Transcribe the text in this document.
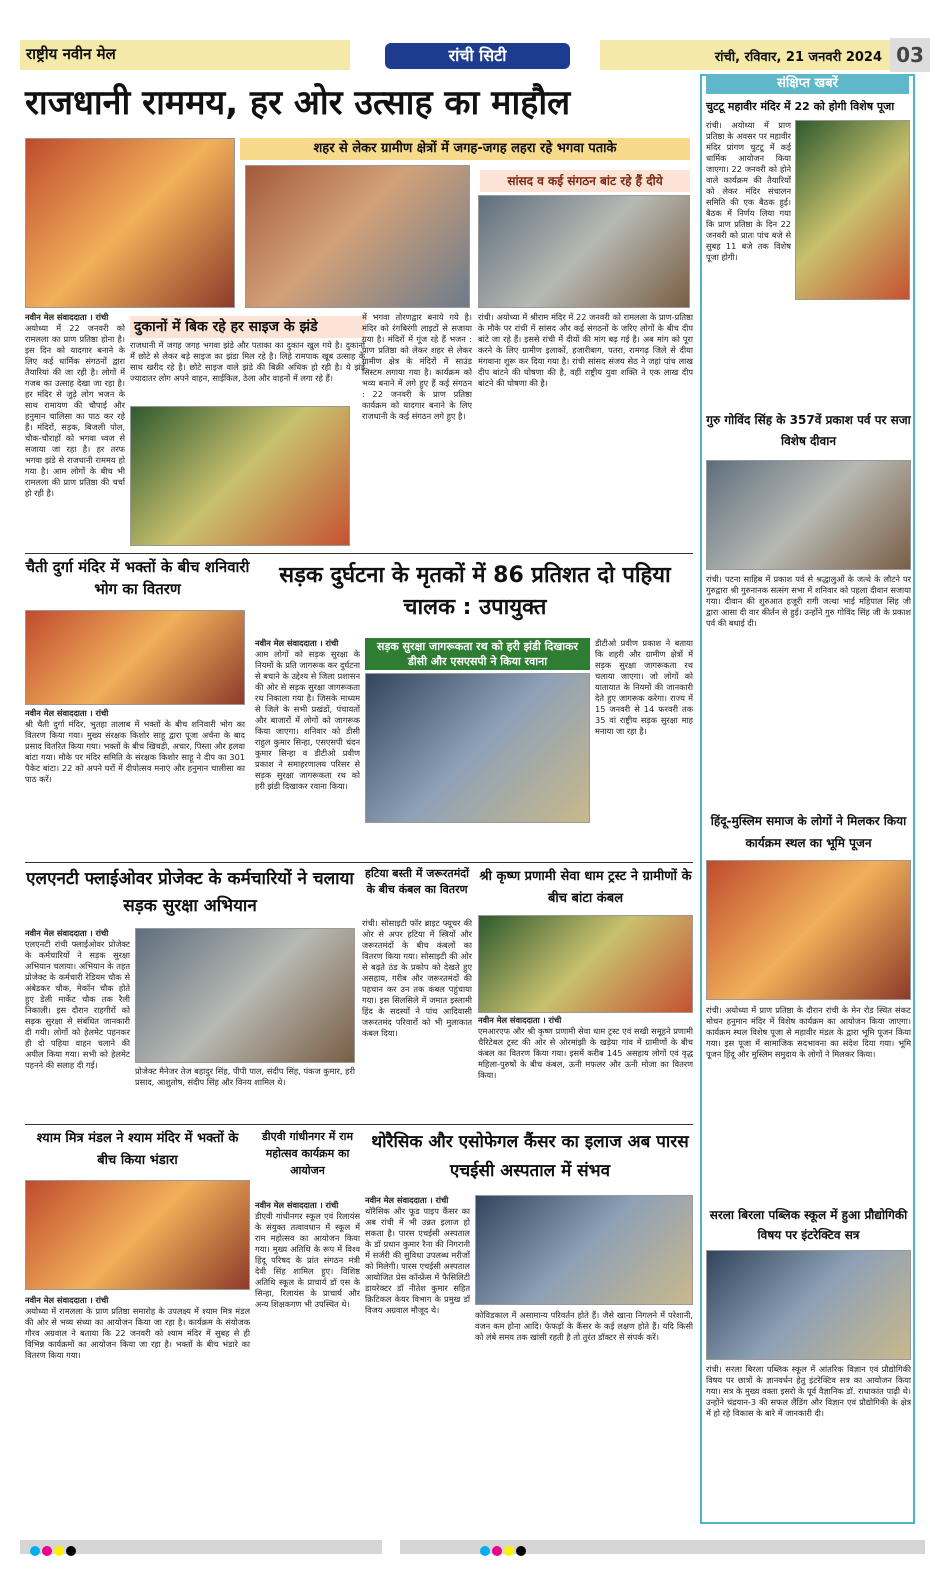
राष्ट्रीय नवीन मेल	रांची सिटी	रांची, रविवार, 21 जनवरी 2024 03
राजधानी राममय, हर ओर उत्साह का माहौल
शहर से लेकर ग्रामीण क्षेत्रों में जगह-जगह लहरा रहे भगवा पताके
सांसद व कई संगठन बांट रहे हैं दीये
नवीन मेल संवाददाता । रांची
अयोध्या में 22 जनवरी को रामलला का प्राण प्रतिष्ठा होना है। इस दिन को यादगार बनाने के लिए कई धार्मिक संगठनों द्वारा तैयारियां की जा रही है। लोगों में गजब का उत्साह देखा जा रहा है। हर मंदिर से जुड़े लोग भजन के साथ रामायण की चौपाई और हनुमान चालिसा का पाठ कर रहे हैं। मंदिरों, सड़क, बिजली पोल, चौक-चौराहों को भगवा ध्वज से सजाया जा रहा है। हर तरफ भगवा झंडे से राजधानी राममय हो गया है। आम लोगों के बीच भी रामलला की प्राण प्रतिष्ठा की चर्चा हो रही है।
दुकानों में बिक रहे हर साइज के झंडे
राजधानी में जगह जगह भगवा झंडे और पताका का दुकान खुल गये है। दुकानों में छोटे से लेकर बड़े साइज का झंडा मिल रहे है। लिहे रामपाक खूब उत्साह के साथ खरीद रहे है। छोटे साइज वाले झंडे की बिक्री अधिक हो रही है। ये झंडे ज्यादातर लोग अपने वाहन, साईकिल, ठेला और वाहनों में लगा रहे हैं।
में भगवा तोरणद्वार बनाये गये है। मंदिर को रंगबिरंगी लाइटों से सजाया गया है। मंदिरों में गूंज रहे हैं भजन : प्राण प्रतिष्ठा को लेकर शहर से लेकर ग्रामीण क्षेत्र के मंदिरों में साउंड सिस्टम लगाया गया है। कार्यक्रम को भव्य बनाने में लगे हुए हैं कई संगठन : 22 जनवरी के प्राण प्रतिष्ठा कार्यक्रम को यादगार बनाने के लिए राजधानी के कई संगठन लगे हुए है।
रांची। अयोध्या में श्रीराम मंदिर में 22 जनवरी को रामलला के प्राण-प्रतिष्ठा के मौके पर रांची में सांसद और कई संगठनों के जरिए लोगों के बीच दीप बांटे जा रहे हैं। इससे रांची में दीयों की मांग बढ़ गई है। अब मांग को पूरा करने के लिए ग्रामीण इलाकों, हजारीबाग, पतरा, रामगढ़ जिले से दीया मंगवाना शुरू कर दिया गया है। रांची सांसद संजय सेठ ने जहां पांच लाख दीप बांटने की घोषणा की है, वहीं राष्ट्रीय युवा शक्ति ने एक लाख दीप बांटने की घोषणा की है।
चैती दुर्गा मंदिर में भक्तों के बीच शनिवारी भोग का वितरण
नवीन मेल संवाददाता । रांची
श्री चैती दुर्गा मंदिर, भुतहा तालाब में भक्तों के बीच शनिवारी भोग का वितरण किया गया। मुख्य संरक्षक किशोर साहू द्वारा पूजा अर्चना के बाद प्रसाद वितरित किया गया। भक्तों के बीच खिचड़ी, अचार, पिस्ता और हलवा बांटा गया। मौके पर मंदिर समिति के संरक्षक किशोर साहू ने दीप का 301 पैकेट बांटा। 22 को अपने घरों में दीपोत्सव मनाएं और हनुमान चालीसा का पाठ करें।
सड़क दुर्घटना के मृतकों में 86 प्रतिशत दो पहिया चालक : उपायुक्त
नवीन मेल संवाददाता । रांची
आम लोगों को सड़क सुरक्षा के नियमों के प्रति जागरूक कर दुर्घटना से बचाने के उद्देश्य से जिला प्रशासन की ओर से सड़क सुरक्षा जागरूकता रथ निकाला गया है। जिसके माध्यम से जिले के सभी प्रखंडों, पंचायतों और बाजारों में लोगों को जागरूक किया जाएगा। शनिवार को डीसी राहुल कुमार सिन्हा, एसएसपी चंदन कुमार सिन्हा व डीटीओ प्रवीण प्रकाश ने समाहरणालय परिसर से सड़क सुरक्षा जागरूकता रथ को हरी झंडी दिखाकर रवाना किया।
सड़क सुरक्षा जागरूकता रथ को हरी झंडी दिखाकर डीसी और एसएसपी ने किया रवाना
डीटीओ प्रवीण प्रकाश ने बताया कि शहरी और ग्रामीण क्षेत्रों में सड़क सुरक्षा जागरूकता रथ चलाया जाएगा। जो लोगों को यातायात के नियमों की जानकारी देते हुए जागरूक करेगा। राज्य में 15 जनवरी से 14 फरवरी तक 35 वां राष्ट्रीय सड़क सुरक्षा माह मनाया जा रहा है।
एलएनटी फ्लाईओवर प्रोजेक्ट के कर्मचारियों ने चलाया सड़क सुरक्षा अभियान
नवीन मेल संवाददाता । रांची
एलएनटी रांची फ्लाईओवर प्रोजेक्ट के कर्मचारियों ने सड़क सुरक्षा अभियान चलाया। अभियान के तहत प्रोजेक्ट के कर्मचारी रेडियम चौक से अंबेडकर चौक, मेकॉन चौक होते हुए डेली मार्केट चौक तक रैली निकाली। इस दौरान राहगीरों को सड़क सुरक्षा से संबंधित जानकारी दी गयी। लोगों को हेलमेट पहनकर ही दो पहिया वाहन चलाने की अपील किया गया। सभी को हेलमेट पहनने की सलाह दी गई।
प्रोजेक्ट मैनेजर तेज बहादुर सिंह, पीपी पाल, संदीप सिंह, पंकज कुमार, हरी प्रसाद, आशुतोष, संदीप सिंह और विनय शामिल थे।
हटिया बस्ती में जरूरतमंदों के बीच कंबल का वितरण
रांची। सोसाइटी फॉर ब्राइट फ्यूचर की ओर से अपर हटिया में स्त्रियों और जरूरतमंदों के बीच कंबलों का वितरण किया गया। सोसाइटी की ओर से बढ़ते ठंड के प्रकोप को देखते हुए असहाय, गरीब और जरूरतमंदों की पहचान कर उन तक कंबल पहुंचाया गया। इस सिलसिले में जमात इस्लामी हिंद के सदस्यों ने पांच आदिवासी जरूरतमंद परिवारों को भी मुलाकात कंबल दिया।
श्री कृष्ण प्रणामी सेवा धाम ट्रस्ट ने ग्रामीणों के बीच बांटा कंबल
नवीन मेल संवाददाता । रांची
एमआरएफ और श्री कृष्ण प्रणामी सेवा धाम ट्रस्ट एवं सखी समूहने प्रणामी चैरिटेबल ट्रस्ट की ओर से ओरमांझी के खड़ेया गांव में ग्रामीणों के बीच कंबल का वितरण किया गया। इसमें करीब 145 असहाय लोगों एवं वृद्ध महिला-पुरुषों के बीच कंबल, ऊनी मफलर और ऊनी मोजा का वितरण किया।
श्याम मित्र मंडल ने श्याम मंदिर में भक्तों के बीच किया भंडारा
नवीन मेल संवाददाता । रांची
अयोध्या में रामलला के प्राण प्रतिष्ठा समारोह के उपलक्ष्य में श्याम मित्र मंडल की ओर से भव्य संध्या का आयोजन किया जा रहा है। कार्यक्रम के संयोजक गौरव अग्रवाल ने बताया कि 22 जनवरी को श्याम मंदिर में सुबह से ही विभिन्न कार्यक्रमों का आयोजन किया जा रहा है। भक्तों के बीच भंडारे का वितरण किया गया।
डीएवी गांधीनगर में राम महोत्सव कार्यक्रम का आयोजन
नवीन मेल संवाददाता । रांची
डीएवी गांधीनगर स्कूल एवं रिलायंस के संयुक्त तत्वावधान में स्कूल में राम महोत्सव का आयोजन किया गया। मुख्य अतिथि के रूप में विश्व हिंदू परिषद के प्रांत संगठन मंत्री देवी सिंह शामिल हुए। विशिष्ठ अतिथि स्कूल के प्राचार्य डॉ एस के सिन्हा, रिलायंस के प्राचार्य और अन्य शिक्षकगण भी उपस्थित थे।
थोरैसिक और एसोफेगल कैंसर का इलाज अब पारस एचईसी अस्पताल में संभव
नवीन मेल संवाददाता । रांची
थोरैसिक और फूड पाइप कैंसर का अब रांची में भी उन्नत इलाज हो सकता है। पारस एचईसी अस्पताल के डॉ प्रधान कुमार रैना की निगरानी में सर्जरी की सुविधा उपलब्ध मरीजों को मिलेगी। पारस एचईसी अस्पताल आयोजित प्रेस कॉन्फ्रेंस में फैसिलिटी डायरेक्टर डॉ नीतेश कुमार सहित क्रिटिकल केयर विभाग के प्रमुख डॉ विजय अग्रवाल मौजूद थे।	कोविडकाल में असामान्य परिवर्तन होते हैं। जैसे खाना निगलने में परेशानी, वजन कम होना आदि। फेफड़ों के कैंसर के कई लक्षण होते हैं। यदि किसी को लंबे समय तक खांसी रहती है तो तुरंत डॉक्टर से संपर्क करें।
संक्षिप्त खबरें
चुटटू महावीर मंदिर में 22 को होगी विशेष पूजा
रांची। अयोध्या में प्राण प्रतिष्ठा के अवसर पर महावीर मंदिर प्रांगण चुटटू में कई धार्मिक आयोजन किया जाएगा। 22 जनवरी को होने वाले कार्यक्रम की तैयारियों को लेकर मंदिर संचालन समिति की एक बैठक हुई। बैठक में निर्णय लिया गया कि प्राण प्रतिष्ठा के दिन 22 जनवरी को प्रातः पांच बजे से सुबह 11 बजे तक विशेष पूजा होगी।
गुरु गोविंद सिंह के 357वें प्रकाश पर्व पर सजा विशेष दीवान
रांची। पटना साहिब में प्रकाश पर्व से श्रद्धालुओं के जत्थे के लौटने पर गुरुद्वारा श्री गुरुनानक सत्संग सभा में शनिवार को पहला दीवान सजाया गया। दीवान की शुरुआत हजूरी रागी जत्था भाई महिपाल सिंह जी द्वारा आसा दी वार कीर्तन से हुई। उन्होंने गुरु गोविंद सिंह जी के प्रकाश पर्व की बधाई दी।
हिंदू-मुस्लिम समाज के लोगों ने मिलकर किया कार्यक्रम स्थल का भूमि पूजन
रांची। अयोध्या में प्राण प्रतिष्ठा के दौरान रांची के मेन रोड स्थित संकट मोचन हनुमान मंदिर में विशेष कार्यक्रम का आयोजन किया जाएगा। कार्यक्रम स्थल विशेष पूजा से महावीर मंडल के द्वारा भूमि पूजन किया गया। इस पूजा में सामाजिक सदभावना का संदेश दिया गया। भूमि पूजन हिंदू और मुस्लिम समुदाय के लोगों ने मिलकर किया।
सरला बिरला पब्लिक स्कूल में हुआ प्रौद्योगिकी विषय पर इंटरेक्टिव सत्र
रांची। सरला बिरला पब्लिक स्कूल में आंतरिक विज्ञान एवं प्रौद्योगिकी विषय पर छात्रों के ज्ञानवर्धन हेतु इंटरेक्टिव सत्र का आयोजन किया गया। सत्र के मुख्य वक्ता इसरो के पूर्व वैज्ञानिक डॉ. राधाकांत पाढ़ी थे। उन्होंने चंद्रयान-3 की सफल लैंडिंग और विज्ञान एवं प्रौद्योगिकी के क्षेत्र में हो रहे विकास के बारे में जानकारी दी।
